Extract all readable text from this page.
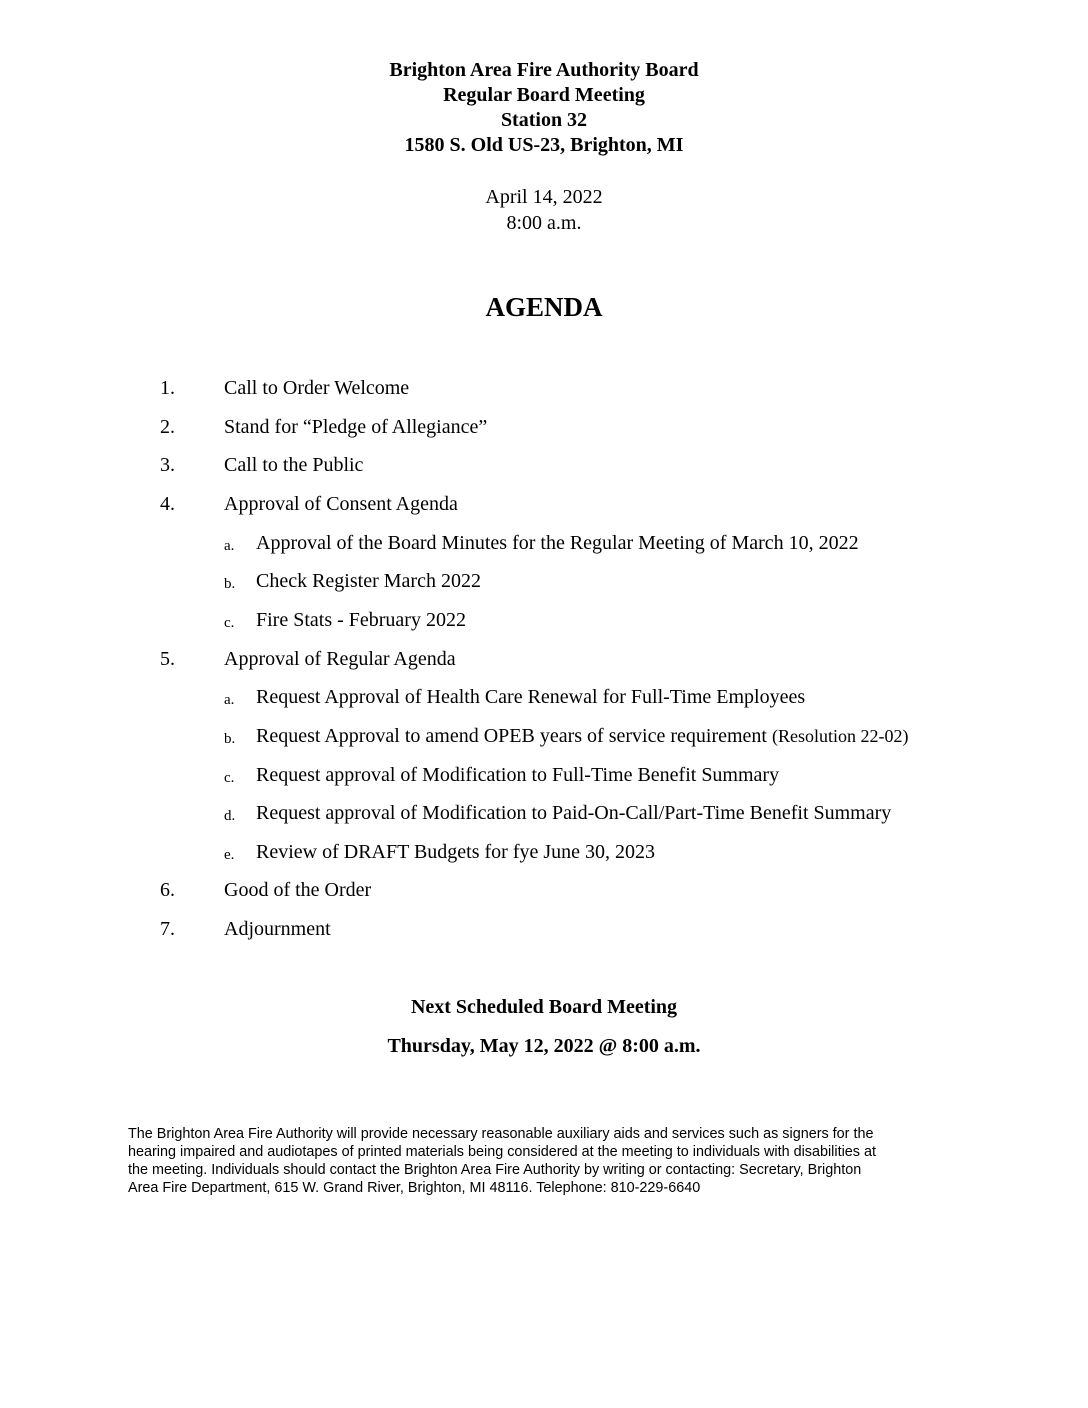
Brighton Area Fire Authority Board
Regular Board Meeting
Station 32
1580 S. Old US-23, Brighton, MI
April 14, 2022
8:00 a.m.
AGENDA
1. Call to Order Welcome
2. Stand for “Pledge of Allegiance”
3. Call to the Public
4. Approval of Consent Agenda
a. Approval of the Board Minutes for the Regular Meeting of March 10, 2022
b. Check Register March 2022
c. Fire Stats - February 2022
5. Approval of Regular Agenda
a. Request Approval of Health Care Renewal for Full-Time Employees
b. Request Approval to amend OPEB years of service requirement (Resolution 22-02)
c. Request approval of Modification to Full-Time Benefit Summary
d. Request approval of Modification to Paid-On-Call/Part-Time Benefit Summary
e. Review of DRAFT Budgets for fye June 30, 2023
6. Good of the Order
7. Adjournment
Next Scheduled Board Meeting
Thursday, May 12, 2022 @ 8:00 a.m.
The Brighton Area Fire Authority will provide necessary reasonable auxiliary aids and services such as signers for the
hearing impaired and audiotapes of printed materials being considered at the meeting to individuals with disabilities at
the meeting. Individuals should contact the Brighton Area Fire Authority by writing or contacting: Secretary, Brighton
Area Fire Department, 615 W. Grand River, Brighton, MI 48116. Telephone: 810-229-6640
